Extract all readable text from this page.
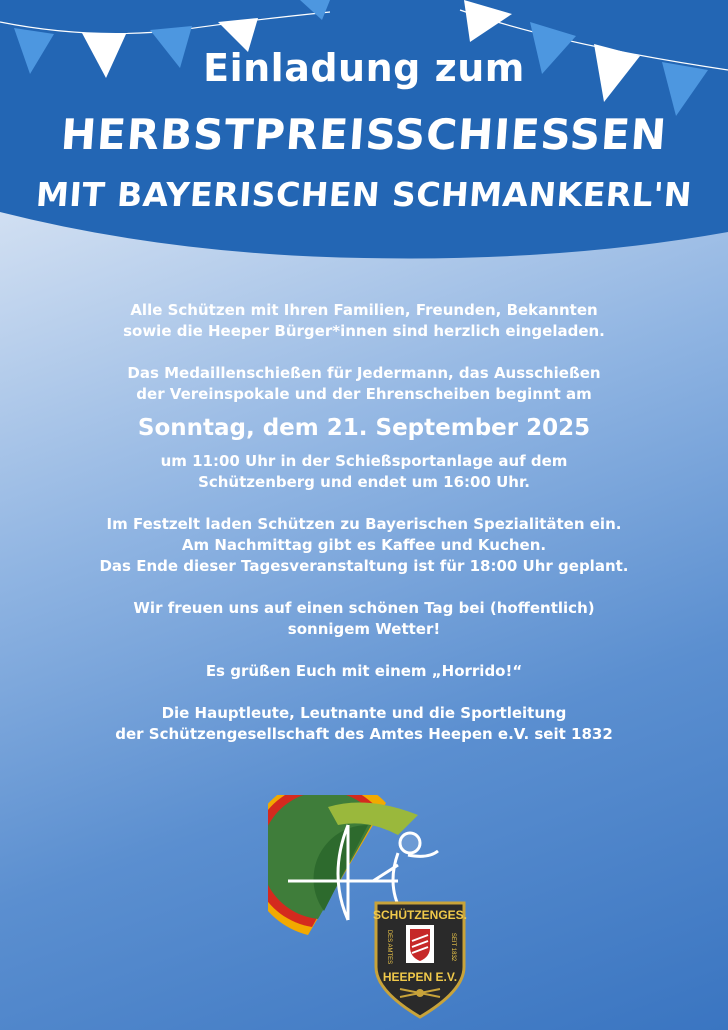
Einladung zum
HERBSTPREISSCHIESSEN
MIT BAYERISCHEN SCHMANKERL'N

Alle Schützen mit Ihren Familien, Freunden, Bekannten
sowie die Heeper Bürger*innen sind herzlich eingeladen.

Das Medaillenschießen für Jedermann, das Ausschießen
der Vereinspokale und der Ehrenscheiben beginnt am

Sonntag, dem 21. September 2025

um 11:00 Uhr in der Schießsportanlage auf dem
Schützenberg und endet um 16:00 Uhr.

Im Festzelt laden Schützen zu Bayerischen Spezialitäten ein.
Am Nachmittag gibt es Kaffee und Kuchen.
Das Ende dieser Tagesveranstaltung ist für 18:00 Uhr geplant.

Wir freuen uns auf einen schönen Tag bei (hoffentlich)
sonnigem Wetter!

Es grüßen Euch mit einem „Horrido!“

Die Hauptleute, Leutnante und die Sportleitung
der Schützengesellschaft des Amtes Heepen e.V. seit 1832

SCHÜTZENGES.
HEEPEN E.V.
DES AMTES	SEIT 1832
